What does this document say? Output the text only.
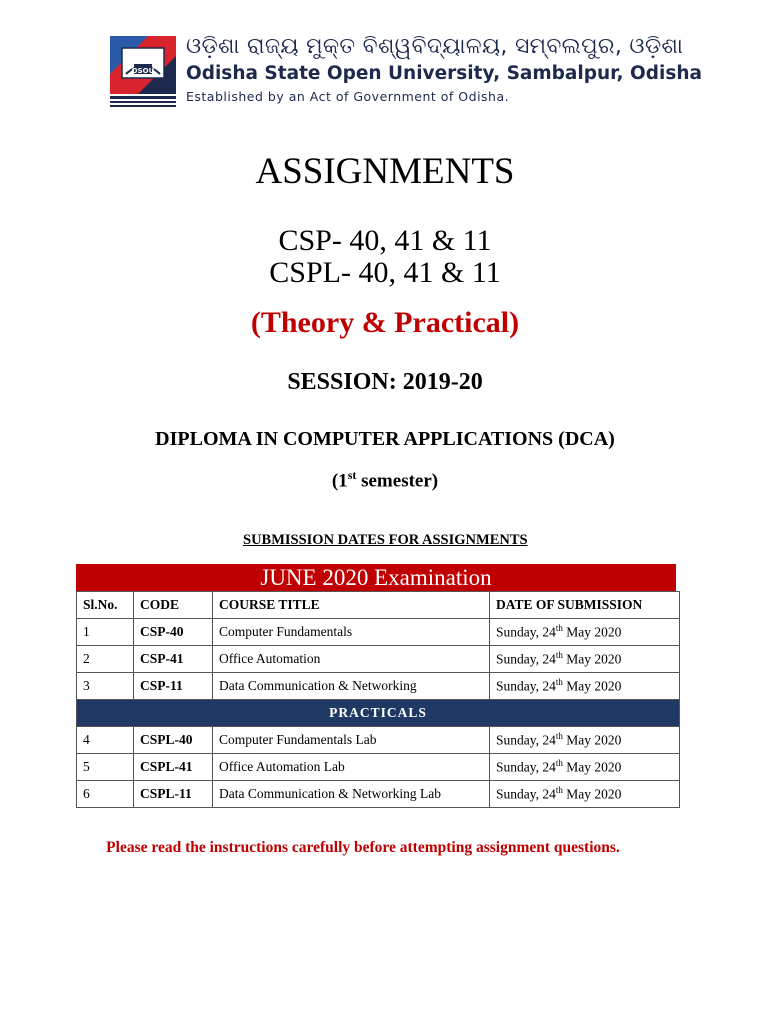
OSOU
ଓଡ଼ିଶା ରାଜ୍ୟ ମୁକ୍ତ ବିଶ୍ୱବିଦ୍ୟାଳୟ, ସମ୍ବଲପୁର, ଓଡ଼ିଶା
Odisha State Open University, Sambalpur, Odisha
Established by an Act of Government of Odisha.
ASSIGNMENTS
CSP- 40, 41 & 11
CSPL- 40, 41 & 11
(Theory & Practical)
SESSION: 2019-20
DIPLOMA IN COMPUTER APPLICATIONS (DCA)
(1st semester)
SUBMISSION DATES FOR ASSIGNMENTS
JUNE 2020 Examination
Sl.No.	CODE	COURSE TITLE	DATE OF SUBMISSION
1	CSP-40	Computer Fundamentals	Sunday, 24th May 2020
2	CSP-41	Office Automation	Sunday, 24th May 2020
3	CSP-11	Data Communication & Networking	Sunday, 24th May 2020
PRACTICALS			
4	CSPL-40	Computer Fundamentals Lab	Sunday, 24th May 2020
5	CSPL-41	Office Automation Lab	Sunday, 24th May 2020
6	CSPL-11	Data Communication & Networking Lab	Sunday, 24th May 2020
Please read the instructions carefully before attempting assignment questions.
